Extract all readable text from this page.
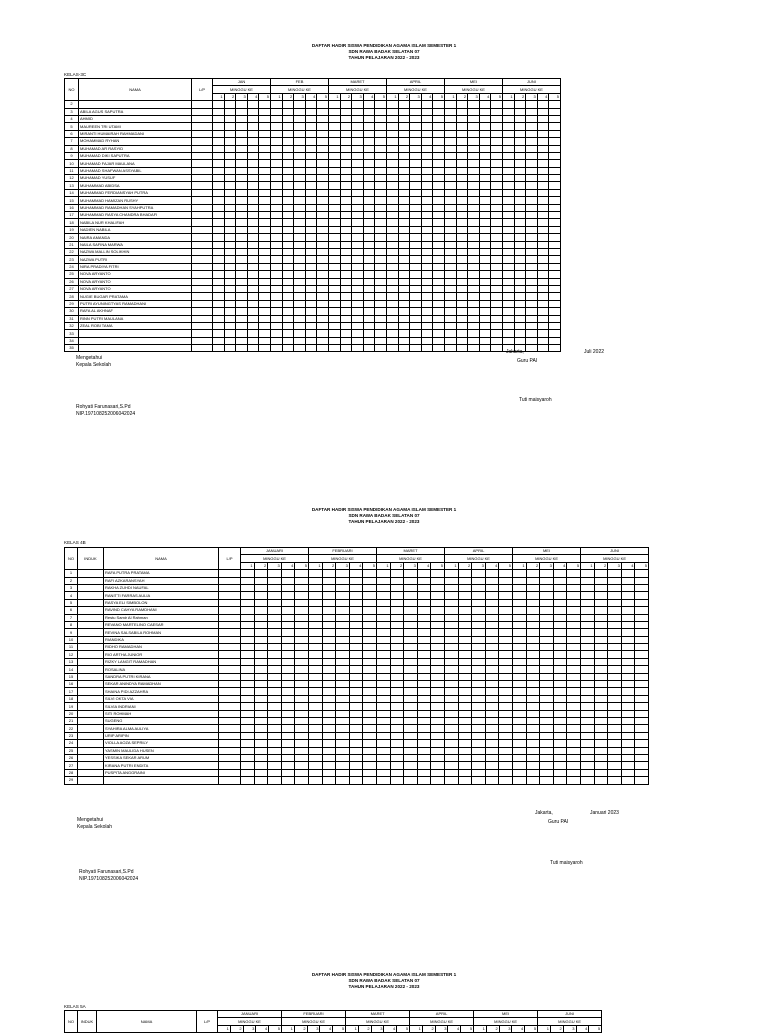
DAFTAR HADIR SISWA PENDIDIKAN AGAMA ISLAM SEMESTER 1
SDN RAWA BADAK SELATAN 07
TAHUN PELAJARAN 2022 - 2023
KELAS-3C
NO	NAMA	L/P	JAN					FEB					MARET					APRIL					MEI					JUNI				
			MINGGU KE					MINGGU KE					MINGGU KE					MINGGU KE					MINGGU KE					MINGGU KE				
			1	2	3	4	5	1	2	3	4	5	1	2	3	4	5	1	2	3	4	5	1	2	3	4	5	1	2	3	4	5
2																																
3	ABILA AGUS SAPUTRA																															
4	AHMID																															
5	MAUREEN TRI UTAMI																															
6	MIRANTI HUMAIRAH RAHMADANI																															
7	MOHAMMAD RYHAN																															
8	MUHAMAD AR RASYID																															
9	MUHAMAD DIKI SAPUTRA																															
10	MUHAMAD FAJAR MAULANA																															
11	MUHAMAD SHAFWAN ASSYABIL																															
12	MUHAMAD YUSUF																															
13	MUHAMMAD ABIDSA																															
14	MUHAMMAD FERDIANSYAH PUTRA																															
15	MUHAMMAD HAMIZAN RUSHY																															
16	MUHAMMAD RAMADHAN SYAHPUTRA																															
17	MUHAMMAD RASYA CHANDRA BHADAFI																															
18	NABILA NUR KHALIFAH																															
19	NADIEN NABILA																															
20	NAIRA AMANDA																															
21	NAILA SAFINA MARWA																															
22	NAZWA MALLIN SOLIKHIN																															
23	NAZWA PUTRI																															
24	NIRA PRADIYA FITRI																															
25	NOVA ARYANTO																															
26	NOVA ARYANTO																															
27	NOVA ARYANTO																															
28	NUGIE BUGAR PRATAMA																															
29	PUTRI AYUNINGTYAS RAMADHANI																															
30	RAFA AL AKHNAF																															
31	RINN PUTRI MAULANA																															
32	ZEAL ROBI TAMA																															
33																																
34																																
35																																
Mengetahui
Kepala Sekolah
Jakarta,	Juli 2022
Guru PAI
Tuti maisyaroh
Rohyati Farunasari,S.Pd
NIP.197108252006042024
DAFTAR HADIR SISWA PENDIDIKAN AGAMA ISLAM SEMESTER 1
SDN RAWA BADAK SELATAN 07
TAHUN PELAJARAN 2022 - 2023
KELAS 4B
NO	INDUK	NAMA	L/P	JANUARI					FEBRUARI					MARET					APRIL					MEI					JUNI				
				MINGGU KE					MINGGU KE					MINGGU KE					MINGGU KE					MINGGU KE					MINGGU KE				
				1	2	3	4	5	1	2	3	4	5	1	2	3	4	5	1	2	3	4	5	1	2	3	4	5	1	2	3	4	5
1		RAFA PUTRA PRATAMA																															
2		RAFI AZKARANSYAH																															
3		RAKHA ZUHDI NAUFAL																															
4		RANITTI FARRAS AULIA																															
5		RASYA ELI SIMBOLON																															
6		RAVIND CAHYA RAMDHANI																															
7		Restu Samir Al Rahman																															
8		REVANO MARTELINO CAESAR																															
9		REVINA SALSABILA ROHMAN																															
10		RIANDIKA																															
11		RIDHO RAMADHAN																															
12		RIO ARTHA JUNIOR																															
13		RIZKY LANGIT RAMADHAN																															
14		ROSALINA																															
15		SANDRA PUTRI KIRANA																															
16		SEKAR ANINDYA RAMADHAN																															
17		SHAINA PIDI AZZAHRA																															
18		SILVI OKTA VIA																															
19		SILVIA INDRIANI																															
20		SITI ROHMAH																															
21		SUGENG																															
22		SYAHIRA ALMA AULIYA																															
23		URIP ARIPIN																															
24		VIOLLA AOZA SEPRILY																															
25		YASMIN MAULIDA HUSEN																															
26		YESSIKA SEKAR ARUM																															
27		KIRANA PUTRI ENDITA																															
28		PUSPITA ANGGRAINI																															
29																																	
Mengetahui
Kepala Sekolah
Jakarta,	Januari 2023
Guru PAI
Tuti maisyaroh
Rohyati Farunasari,S.Pd
NIP.197108252006042024
DAFTAR HADIR SISWA PENDIDIKAN AGAMA ISLAM SEMESTER 1
SDN RAWA BADAK SELATAN 07
TAHUN PELAJARAN 2022 - 2023
KELAS 5A
NO	INDUK	NAMA	L/P	JANUARI					FEBRUARI					MARET					APRIL					MEI					JUNI				
				MINGGU KE					MINGGU KE					MINGGU KE					MINGGU KE					MINGGU KE					MINGGU KE				
				1	2	3	4	5	1	2	3	4	5	1	2	3	4	5	1	2	3	4	5	1	2	3	4	5	1	2	3	4	5
